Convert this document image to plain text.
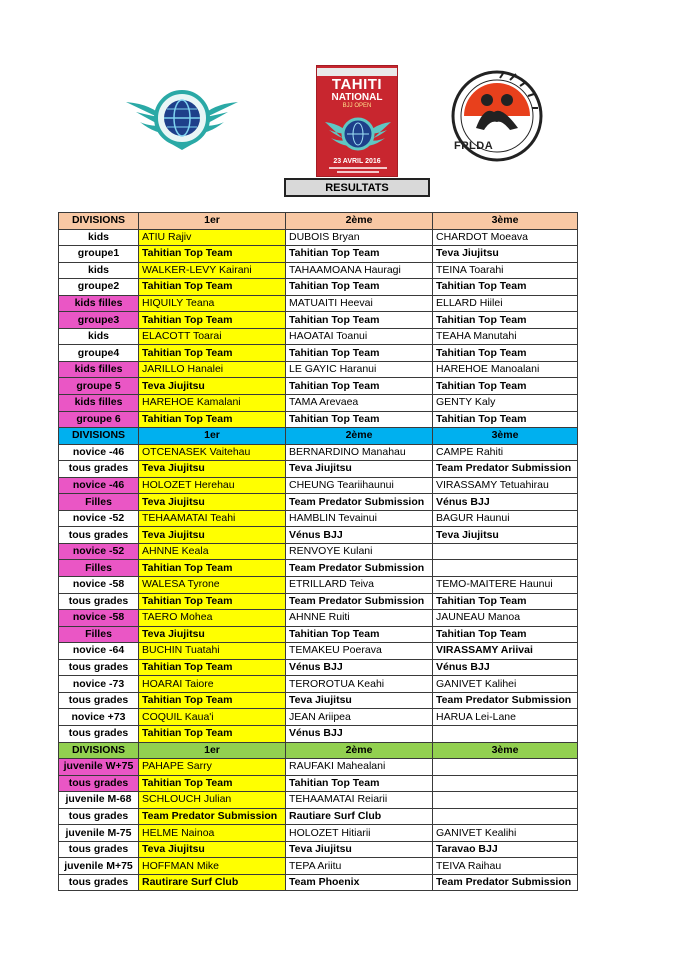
TAHITI
NATIONAL
BJJ OPEN
23 AVRIL 2016
FPLDA
RESULTATS
DIVISIONS	1er	2ème	3ème
kids	ATIU Rajiv	DUBOIS Bryan	CHARDOT Moeava
groupe1	Tahitian Top Team	Tahitian Top Team	Teva Jiujitsu
kids	WALKER-LEVY Kairani	TAHAAMOANA Hauragi	TEINA Toarahi
groupe2	Tahitian Top Team	Tahitian Top Team	Tahitian Top Team
kids filles	HIQUILY Teana	MATUAITI Heevai	ELLARD Hiilei
groupe3	Tahitian Top Team	Tahitian Top Team	Tahitian Top Team
kids	ELACOTT Toarai	HAOATAI Toanui	TEAHA Manutahi
groupe4	Tahitian Top Team	Tahitian Top Team	Tahitian Top Team
kids filles	JARILLO Hanalei	LE GAYIC Haranui	HAREHOE Manoalani
groupe 5	Teva Jiujitsu	Tahitian Top Team	Tahitian Top Team
kids filles	HAREHOE Kamalani	TAMA Arevaea	GENTY Kaly
groupe 6	Tahitian Top Team	Tahitian Top Team	Tahitian Top Team
DIVISIONS	1er	2ème	3ème
novice -46	OTCENASEK Vaitehau	BERNARDINO Manahau	CAMPE Rahiti
tous grades	Teva Jiujitsu	Teva Jiujitsu	Team Predator Submission
novice -46	HOLOZET Herehau	CHEUNG Teariihaunui	VIRASSAMY Tetuahirau
Filles	Teva Jiujitsu	Team Predator Submission	Vénus BJJ
novice -52	TEHAAMATAI Teahi	HAMBLIN Tevainui	BAGUR Haunui
tous grades	Teva Jiujitsu	Vénus BJJ	Teva Jiujitsu
novice -52	AHNNE Keala	RENVOYE Kulani	
Filles	Tahitian Top Team	Team Predator Submission	
novice -58	WALESA Tyrone	ETRILLARD Teiva	TEMO-MAITERE Haunui
tous grades	Tahitian Top Team	Team Predator Submission	Tahitian Top Team
novice -58	TAERO Mohea	AHNNE Ruiti	JAUNEAU Manoa
Filles	Teva Jiujitsu	Tahitian Top Team	Tahitian Top Team
novice -64	BUCHIN Tuatahi	TEMAKEU Poerava	VIRASSAMY Ariivai
tous grades	Tahitian Top Team	Vénus BJJ	Vénus BJJ
novice -73	HOARAI Taiore	TEROROTUA Keahi	GANIVET Kalihei
tous grades	Tahitian Top Team	Teva Jiujitsu	Team Predator Submission
novice +73	COQUIL Kaua'i	JEAN Ariipea	HARUA Lei-Lane
tous grades	Tahitian Top Team	Vénus BJJ	
DIVISIONS	1er	2ème	3ème
juvenile W+75	PAHAPE Sarry	RAUFAKI Mahealani	
tous grades	Tahitian Top Team	Tahitian Top Team	
juvenile M-68	SCHLOUCH Julian	TEHAAMATAI Reiarii	
tous grades	Team Predator Submission	Rautiare Surf Club	
juvenile M-75	HELME Nainoa	HOLOZET Hitiarii	GANIVET Kealihi
tous grades	Teva Jiujitsu	Teva Jiujitsu	Taravao BJJ
juvenile M+75	HOFFMAN Mike	TEPA Ariitu	TEIVA Raihau
tous grades	Rautirare Surf Club	Team Phoenix	Team Predator Submission
